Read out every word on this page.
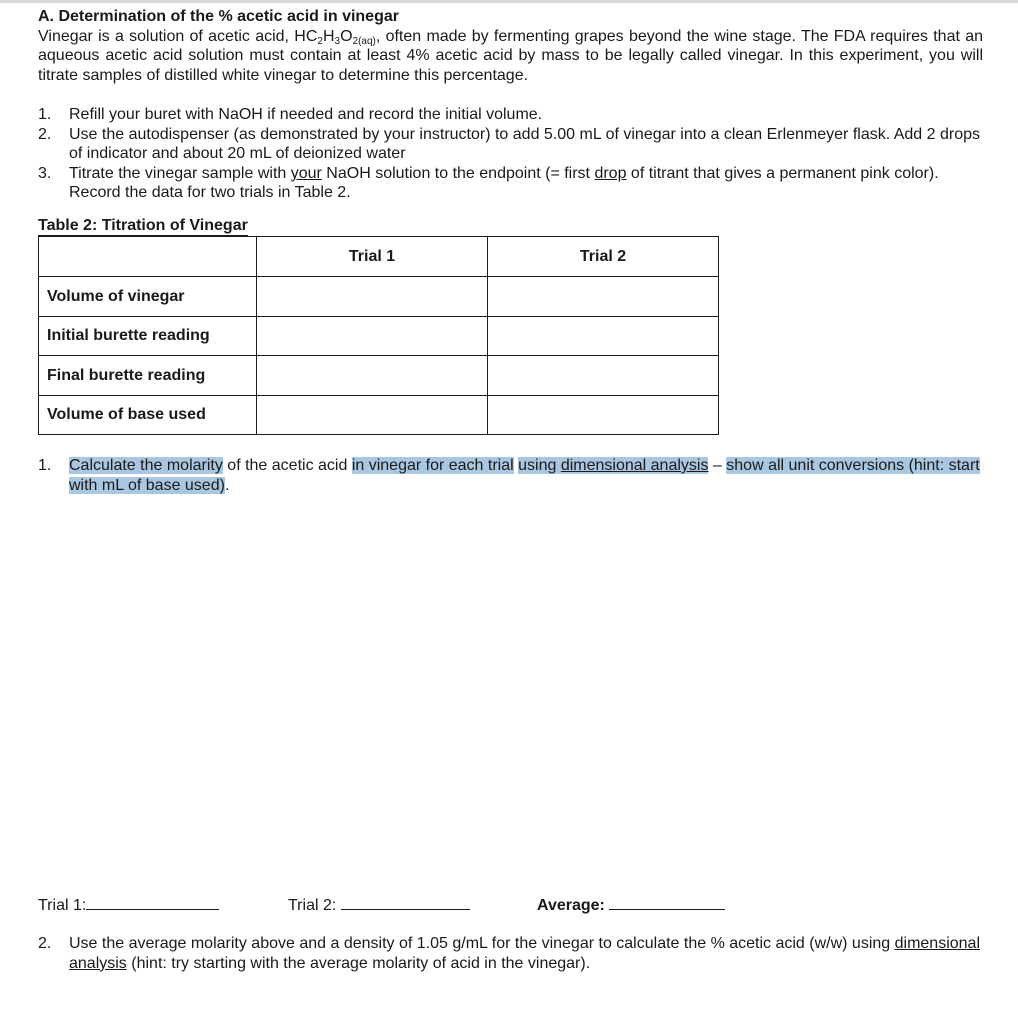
A. Determination of the % acetic acid in vinegar

Vinegar is a solution of acetic acid, $HC_2H_3O_{2(aq)}$, often made by fermenting grapes beyond the wine stage. The FDA requires that an aqueous acetic acid solution must contain at least 4% acetic acid by mass to be legally called vinegar. In this experiment, you will titrate samples of distilled white vinegar to determine this percentage.

1.	Refill your buret with NaOH if needed and record the initial volume.
2.	Use the autodispenser (as demonstrated by your instructor) to add 5.00 mL of vinegar into a clean Erlenmeyer flask. Add 2 drops of indicator and about 20 mL of deionized water
3.	Titrate the vinegar sample with your NaOH solution to the endpoint (= first drop of titrant that gives a permanent pink color). Record the data for two trials in Table 2.
Table 2: Titration of Vinegar
	Trial 1	Trial 2
Volume of vinegar		
Initial burette reading		
Final burette reading		
Volume of base used		
1.	Calculate the molarity of the acetic acid in vinegar for each trial using dimensional analysis – show all unit conversions (hint: start with mL of base used).
Trial 1:	Trial 2:	Average:
2.	Use the average molarity above and a density of 1.05 g/mL for the vinegar to calculate the % acetic acid (w/w) using dimensional analysis (hint: try starting with the average molarity of acid in the vinegar).
